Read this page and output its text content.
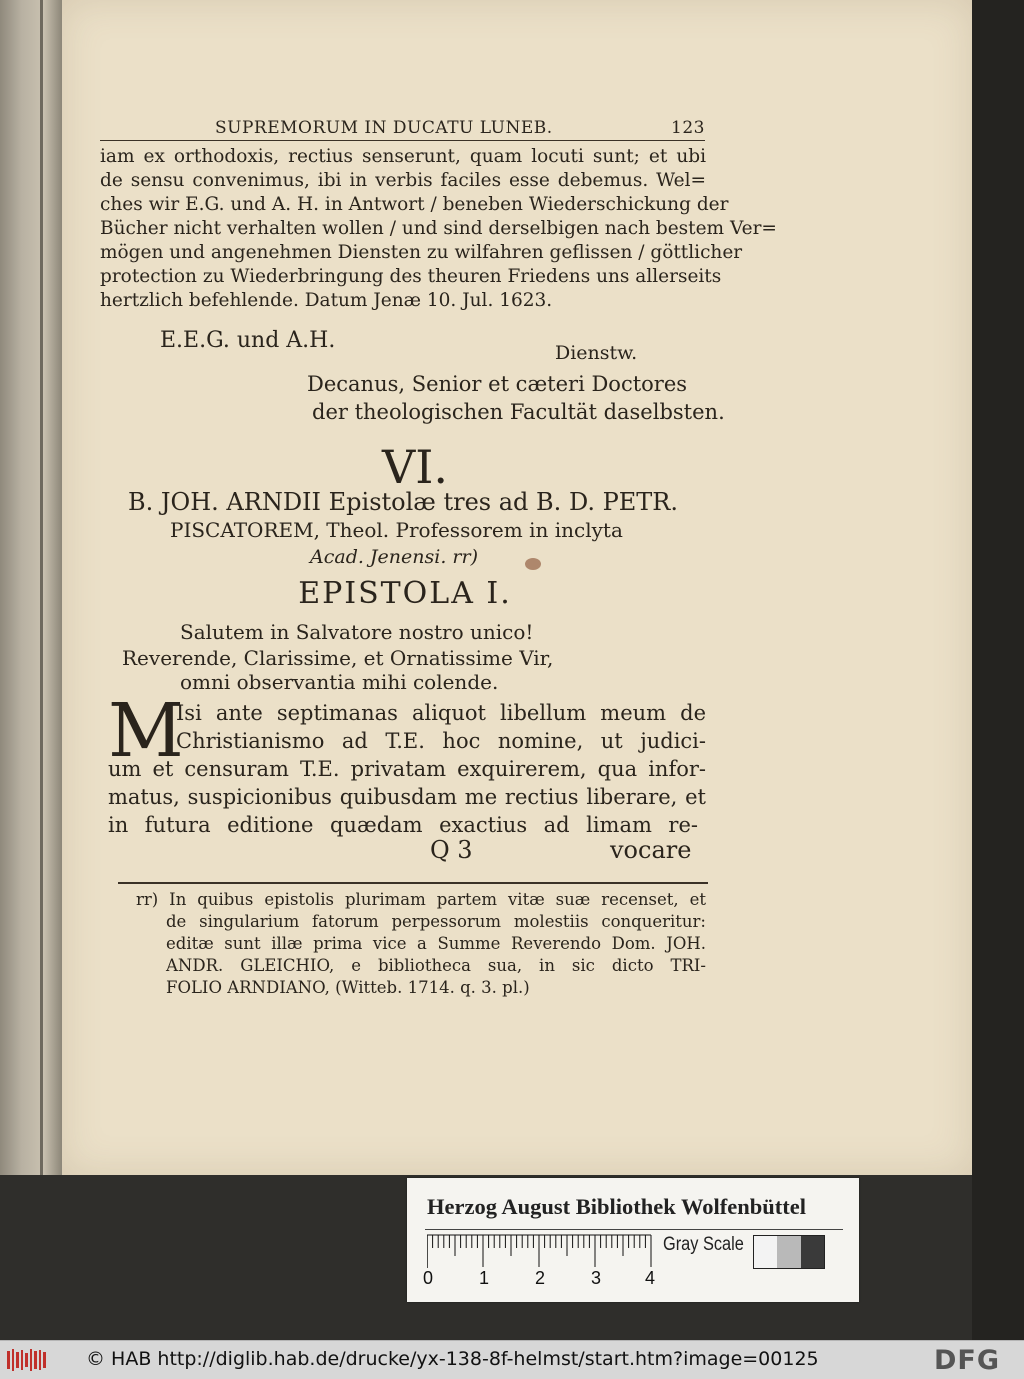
SUPREMORUM IN DUCATU LUNEB.	123
iam ex orthodoxis, rectius senserunt, quam locuti sunt; et ubi
de sensu convenimus, ibi in verbis faciles esse debemus. Wel=
ches wir E.G. und A. H. in Antwort / beneben Wiederschickung der
Bücher nicht verhalten wollen / und sind derselbigen nach bestem Ver=
mögen und angenehmen Diensten zu wilfahren geflissen / göttlicher
protection zu Wiederbringung des theuren Friedens uns allerseits
hertzlich befehlende. Datum Jenæ 10. Jul. 1623.
E.E.G. und A.H.	Dienstw.
Decanus, Senior et cæteri Doctores
der theologischen Facultät daselbsten.
VI.
B. JOH. ARNDII Epistolæ tres ad B. D. PETR.
PISCATOREM, Theol. Professorem in inclyta
Acad. Jenensi. rr)
EPISTOLA I.
Salutem in Salvatore nostro unico!
Reverende, Clarissime, et Ornatissime Vir,
omni observantia mihi colende.
M
Isi ante septimanas aliquot libellum meum de
Christianismo ad T.E. hoc nomine, ut judici-
um et censuram T.E. privatam exquirerem, qua infor-
matus, suspicionibus quibusdam me rectius liberare, et
in futura editione quædam exactius ad limam re-
Q 3	vocare
rr) In quibus epistolis plurimam partem vitæ suæ recenset, et
de singularium fatorum perpessorum molestiis conqueritur:
editæ sunt illæ prima vice a Summe Reverendo Dom. JOH.
ANDR. GLEICHIO, e bibliotheca sua, in sic dicto TRI-
FOLIO ARNDIANO, (Witteb. 1714. q. 3. pl.)
Herzog August Bibliothek Wolfenbüttel
0	1	2	3 4
Gray Scale
© HAB http://diglib.hab.de/drucke/yx-138-8f-helmst/start.htm?image=00125	DFG
